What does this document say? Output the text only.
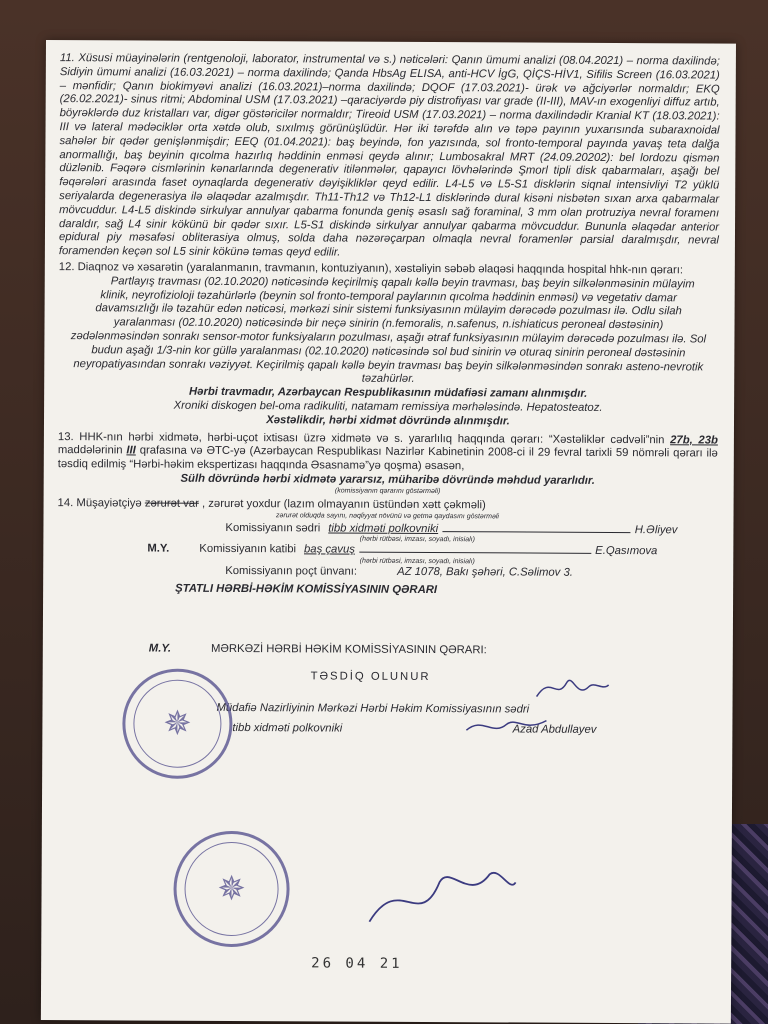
11. Xüsusi müayinələrin (rentgenoloji, laborator, instrumental və s.) nəticələri: Qanın ümumi analizi (08.04.2021) – norma daxilində; Sidiyin ümumi analizi (16.03.2021) – norma daxilində; Qanda HbsAg ELISA, anti-HCV İgG, QİÇS-HİV1, Sifilis Screen (16.03.2021) – mənfidir; Qanın biokimyəvi analizi (16.03.2021)–norma daxilində; DQOF (17.03.2021)- ürək və ağciyərlər normaldır; EKQ (26.02.2021)- sinus ritmi; Abdominal USM (17.03.2021) –qaraciyərdə piy distrofiyası var grade (II-III), MAV-ın exogenliyi diffuz artıb, böyrəklərdə duz kristalları var, digər göstəricilər normaldır; Tireoid USM (17.03.2021) – norma daxilindədir Kranial KT (18.03.2021): III və lateral mədəciklər orta xətdə olub, sıxılmış görünüşlüdür. Hər iki tərəfdə alın və təpə payının yuxarısında subaraxnoidal sahələr bir qədər genişlənmişdir; EEQ (01.04.2021): baş beyində, fon yazısında, sol fronto-temporal payında yavaş teta dalğa anormallığı, baş beyinin qıcolma hazırlıq həddinin enməsi qeydə alınır; Lumbosakral MRT (24.09.20202): bel lordozu qismən düzlənib. Fəqərə cismlərinin kənarlarında degenerativ itilənmələr, qapayıcı lövhələrində Şmorl tipli disk qabarmaları, aşağı bel fəqərələri arasında faset oynaqlarda degenerativ dəyişikliklər qeyd edilir. L4-L5 və L5-S1 disklərin siqnal intensivliyi T2 yüklü seriyalarda degenerasiya ilə əlaqədar azalmışdır. Th11-Th12 və Th12-L1 disklərində dural kisəni nisbətən sıxan arxa qabarmalar mövcuddur. L4-L5 diskində sirkulyar annulyar qabarma fonunda geniş əsaslı sağ foraminal, 3 mm olan protruziya nevral foramenı daraldır, sağ L4 sinir kökünü bir qədər sıxır. L5-S1 diskində sirkulyar annulyar qabarma mövcuddur. Bununla əlaqədar anterior epidural piy məsafəsi obliterasiya olmuş, solda daha nəzərəçarpan olmaqla nevral foramenlər parsial daralmışdır, nevral foramendən keçən sol L5 sinir kökünə təmas qeyd edilir.

12. Diaqnoz və xəsarətin (yaralanmanın, travmanın, kontuziyanın), xəstəliyin səbəb əlaqəsi haqqında hospital hhk-nın qərarı:

Partlayış travması (02.10.2020) nəticəsində keçirilmiş qapalı kəllə beyin travması, baş beyin silkələnməsinin mülayim klinik, neyrofizioloji təzahürlərlə (beynin sol fronto-temporal paylarının qıcolma həddinin enməsi) və vegetativ damar davamsızlığı ilə təzahür edən nəticəsi, mərkəzi sinir sistemi funksiyasının mülayim dərəcədə pozulması ilə. Odlu silah yaralanması (02.10.2020) nəticəsində bir neçə sinirin (n.femoralis, n.safenus, n.ishiaticus peroneal dəstəsinin) zədələnməsindən sonrakı sensor-motor funksiyaların pozulması, aşağı ətraf funksiyasının mülayim dərəcədə pozulması ilə. Sol budun aşağı 1/3-nin kor güllə yaralanması (02.10.2020) nəticəsində sol bud sinirin və oturaq sinirin peroneal dəstəsinin neyropatiyasından sonrakı vəziyyət. Keçirilmiş qapalı kəllə beyin travması baş beyin silkələnməsindən sonrakı asteno-nevrotik təzahürlər.

Hərbi travmadır, Azərbaycan Respublikasının müdafiəsi zamanı alınmışdır.

Xroniki diskogen bel-oma radikuliti, natamam remissiya mərhələsində. Hepatosteatoz.

Xəstəlikdir, hərbi xidmət dövründə alınmışdır.

13. HHK-nın hərbi xidmətə, hərbi-uçot ixtisası üzrə xidmətə və s. yararlılıq haqqında qərarı: “Xəstəliklər cədvəli”nin 27b, 23b maddələrinin III qrafasına və ƏTC-yə (Azərbaycan Respublikası Nazirlər Kabinetinin 2008-ci il 29 fevral tarixli 59 nömrəli qərarı ilə təsdiq edilmiş “Hərbi-həkim ekspertizası haqqında Əsasnamə”yə qoşma) əsasən,

Sülh dövründə hərbi xidmətə yararsız, müharibə dövründə məhdud yararlıdır.

(komissiyanın qərarını göstərməli)

14. Müşayiətçiyə zərurət var , zərurət yoxdur (lazım olmayanın üstündən xətt çəkməli)

zərurət olduqda sayını, nəqliyyat növünü və getmə qaydasını göstərməli

Komissiyanın sədri tibb xidməti polkovniki	H.Əliyev

(hərbi rütbəsi, imzası, soyadı, inisialı)

M.Y.	Komissiyanın katibi baş çavuş	E.Qasımova

(hərbi rütbəsi, imzası, soyadı, inisialı)

Komissiyanın poçt ünvanı:	AZ 1078, Bakı şəhəri, C.Səlimov 3.

ŞTATLI HƏRBİ-HƏKİM KOMİSSİYASININ QƏRARI

M.Y.	MƏRKƏZİ HƏRBİ HƏKİM KOMİSSİYASININ QƏRARI:

TƏSDİQ OLUNUR

Müdafiə Nazirliyinin Mərkəzi Hərbi Həkim Komissiyasının sədri

tibb xidməti polkovniki	Azad Abdullayev
✵
✵
26 04 21
